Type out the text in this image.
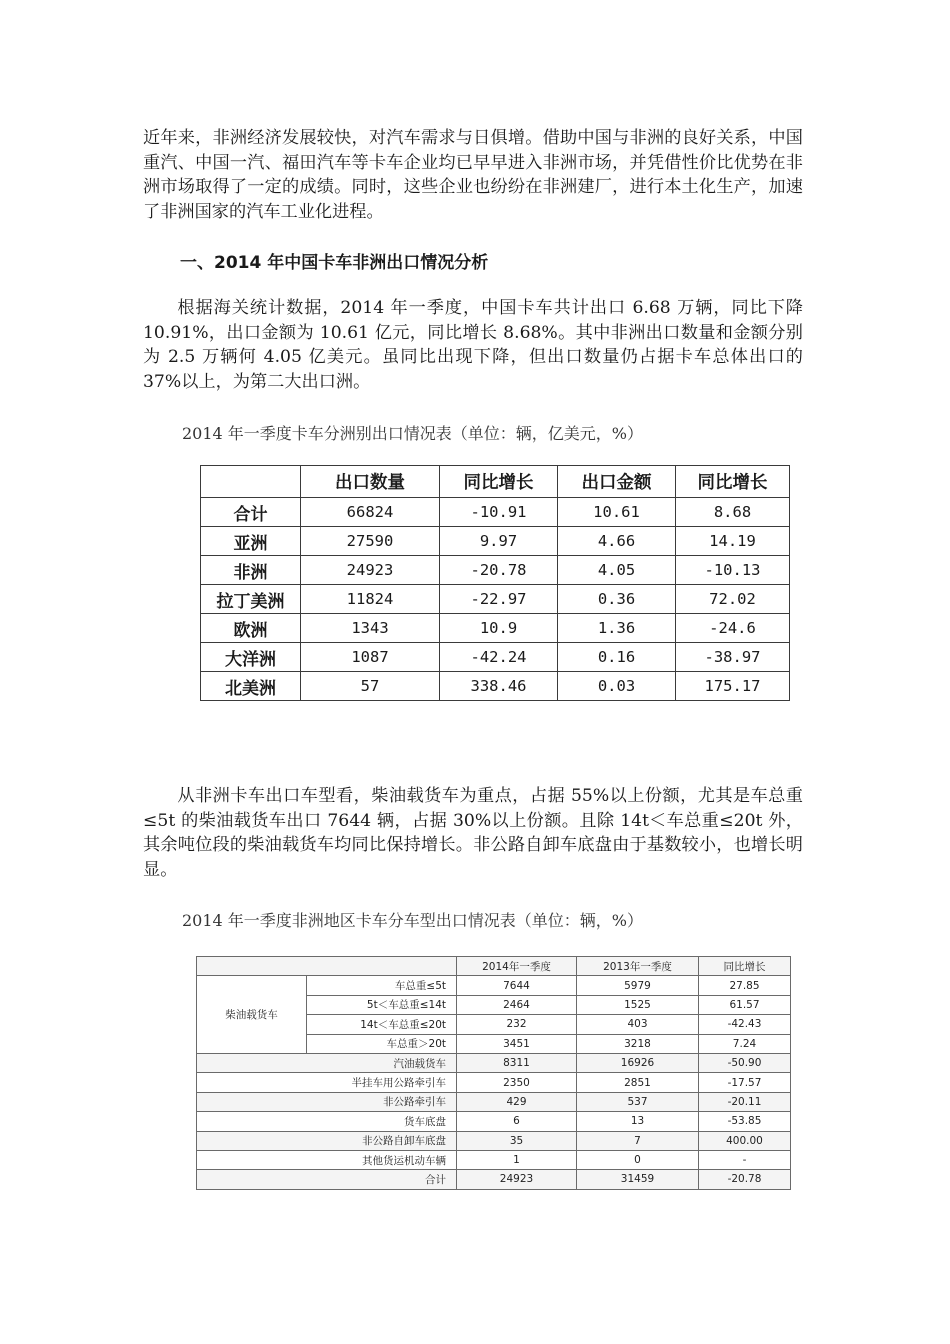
近年来，非洲经济发展较快，对汽车需求与日俱增。借助中国与非洲的良好关系，中国重汽、中国一汽、福田汽车等卡车企业均已早早进入非洲市场，并凭借性价比优势在非洲市场取得了一定的成绩。同时，这些企业也纷纷在非洲建厂，进行本土化生产，加速了非洲国家的汽车工业化进程。

一、2014 年中国卡车非洲出口情况分析

根据海关统计数据，2014 年一季度，中国卡车共计出口 6.68 万辆，同比下降 10.91%，出口金额为 10.61 亿元，同比增长 8.68%。其中非洲出口数量和金额分别为 2.5 万辆何 4.05 亿美元。虽同比出现下降，但出口数量仍占据卡车总体出口的 37%以上，为第二大出口洲。

2014 年一季度卡车分洲别出口情况表（单位：辆，亿美元，%）

	出口数量	同比增长	出口金额	同比增长
合计	66824	-10.91	10.61	8.68
亚洲	27590	9.97	4.66	14.19
非洲	24923	-20.78	4.05	-10.13
拉丁美洲	11824	-22.97	0.36	72.02
欧洲	1343	10.9	1.36	-24.6
大洋洲	1087	-42.24	0.16	-38.97
北美洲	57	338.46	0.03	175.17

从非洲卡车出口车型看，柴油载货车为重点，占据 55%以上份额，尤其是车总重≤5t 的柴油载货车出口 7644 辆，占据 30%以上份额。且除 14t＜车总重≤20t 外，其余吨位段的柴油载货车均同比保持增长。非公路自卸车底盘由于基数较小，也增长明显。

2014 年一季度非洲地区卡车分车型出口情况表（单位：辆，%）

		2014年一季度	2013年一季度	同比增长
柴油载货车	车总重≤5t	7644	5979	27.85
	5t＜车总重≤14t	2464	1525	61.57
	14t＜车总重≤20t	232	403	-42.43
	车总重＞20t	3451	3218	7.24
汽油载货车		8311	16926	-50.90
半挂车用公路牵引车		2350	2851	-17.57
非公路牵引车		429	537	-20.11
货车底盘		6	13	-53.85
非公路自卸车底盘		35	7	400.00
其他货运机动车辆		1	0	-
合计		24923	31459	-20.78
